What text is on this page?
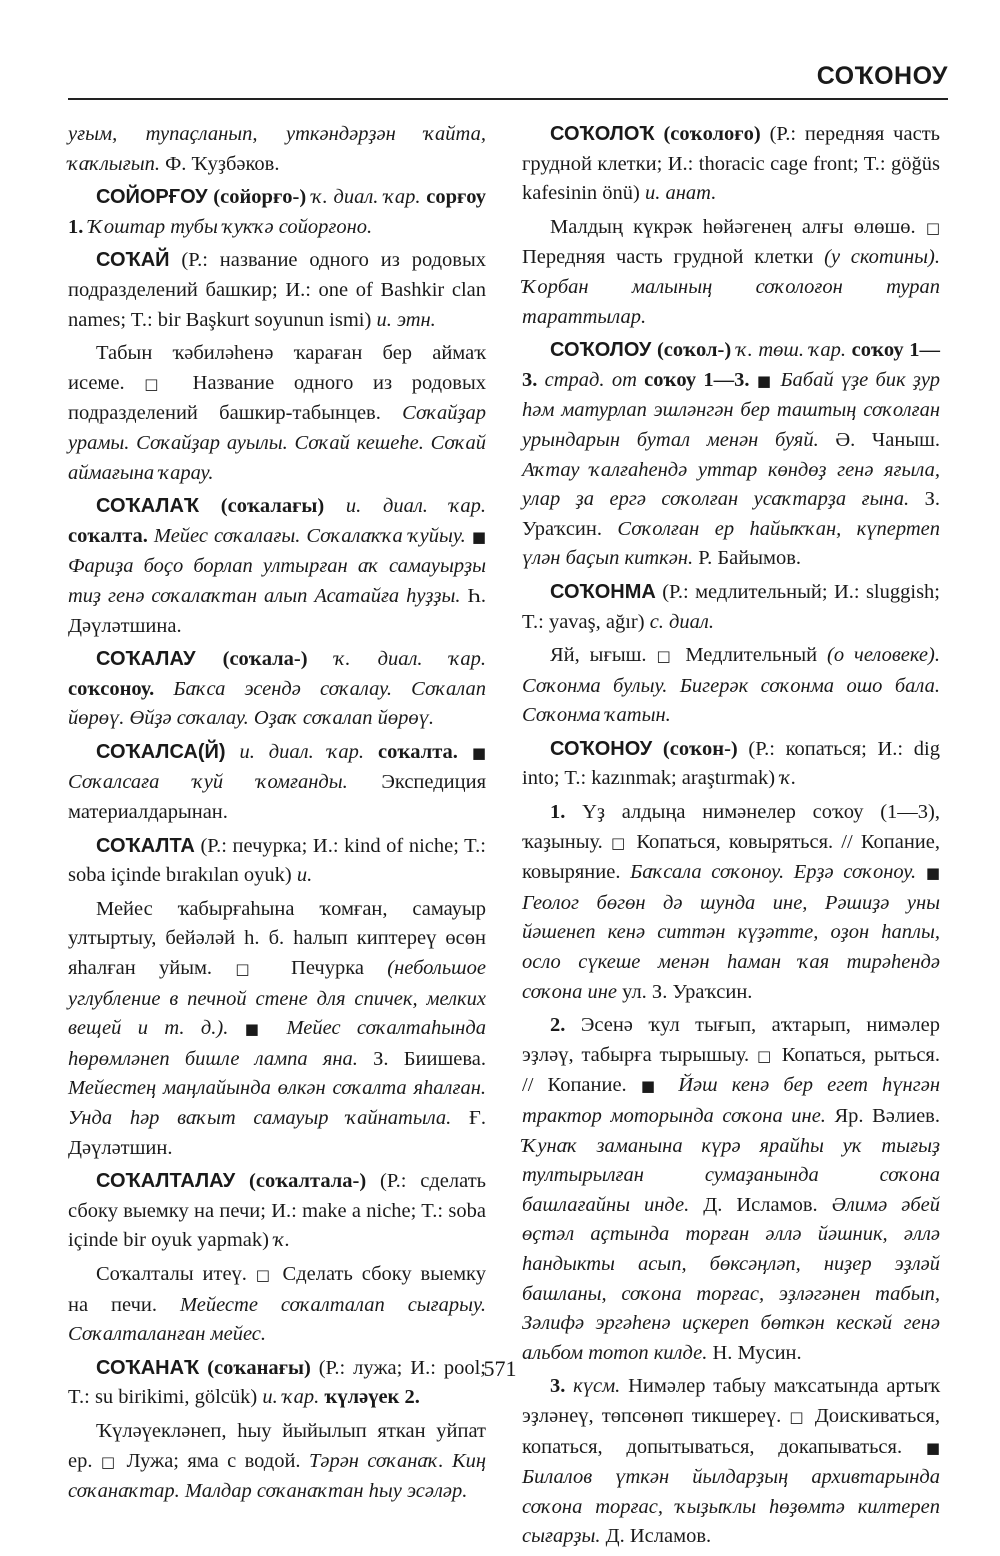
СОҠОНОУ

уғым, тупаҫланып, уткәндәрҙән ҡайта, ҡаҡлығып. Ф. Ҡуҙбәков.

СОЙОРҒОУ (сойорғо-) ҡ. диал. ҡар. сорғоу 1. Ҡоштар тубы ҡуҡҡә сойорғоно.

СОҠАЙ (Р.: название одного из родовых подразделений башкир; И.: one of Bashkir clan names; T.: bir Başkurt soyunun ismi) и. этн.

Табын ҡәбиләһенә ҡараған бер аймаҡ исеме. □ Название одного из родовых подразделений башкир-табынцев. Соҡайҙар урамы. Соҡайҙар ауылы. Соҡай кешеһе. Соҡай аймағына ҡарау.

СОҠАЛАҠ (соҡалағы) и. диал. ҡар. соҡалта. Мейес соҡалағы. Соҡалаҡҡа ҡуйыу. ■ Фариҙа боҫо борлап ултырған аҡ самауырҙы тиҙ генә соҡалаҡтан алып Асатайға һуҙҙы. Һ. Дәүләтшина.

СОҠАЛАУ (соҡала-) ҡ. диал. ҡар. соҡсоноу. Баҡса эсендә соҡалау. Соҡалап йөрөү. Өйҙә соҡалау. Оҙаҡ соҡалап йөрөү.

СОҠАЛСА(Й) и. диал. ҡар. соҡалта. ■ Соҡалсаға ҡуй ҡомғанды. Экспедиция материалдарынан.

СОҠАЛТА (Р.: печурка; И.: kind of niche; T.: soba içinde bırakılan oyuk) и.

Мейес ҡабырғаһына ҡомған, самауыр ултыртыу, бейәләй һ. б. һалып киптереү өсөн яһалған уйым. □ Печурка (небольшое углубление в печной стене для спичек, мелких вещей и т. д.). ■ Мейес соҡалтаһында һөрөмләнеп бишле лампа яна. З. Биишева. Мейестең маңлайында өлкән соҡалта яһалған. Унда һәр ваҡыт самауыр ҡайнатыла. Ғ. Дәүләтшин.

СОҠАЛТАЛАУ (соҡалтала-) (Р.: сделать сбоку выемку на печи; И.: make a niche; T.: soba içinde bir oyuk yapmak) ҡ.

Соҡалталы итеү. □ Сделать сбоку выемку на печи. Мейесте соҡалталап сығарыу. Соҡалталанған мейес.

СОҠАНАҠ (соҡанағы) (Р.: лужа; И.: pool; T.: su birikimi, gölcük) и. ҡар. ҡүләүек 2.

Ҡүләүекләнеп, һыу йыйылып яткан уйпат ер. □ Лужа; яма с водой. Тәрән соҡанаҡ. Киң соҡанаҡтар. Малдар соҡанаҡтан һыу эсәләр.

СОҠОЛОҠ (соҡолоғо) (Р.: передняя часть грудной клетки; И.: thoracic cage front; T.: göğüs kafesinin önü) и. анат.

Малдың күкрәк һөйәгенең алғы өлөшө. □ Передняя часть грудной клетки (у скотины). Ҡорбан малының соҡолоғон турап тараттылар.

СОҠОЛОУ (соҡол-) ҡ. төш. ҡар. соҡоу 1—3. страд. от соҡоу 1—3. ■ Бабай үҙе бик ҙур һәм матурлап эшләнгән бер таштың соҡолған урындарын бутал менән буяй. Ә. Чаныш. Аҡтау ҡалғаһендә уттар көндөҙ генә яғыла, улар ҙа ергә соҡолған усаҡтарҙа ғына. З. Ураҡсин. Соҡолған ер һайыҡҡан, күпертеп үлән баҫып киткән. Р. Байымов.

СОҠОНМА (Р.: медлительный; И.: sluggish; T.: yavaş, ağır) с. диал.

Яй, ығыш. □ Медлительный (о человеке). Соҡонма булыу. Бигерәк соҡонма ошо бала. Соҡонма ҡатын.

СОҠОНОУ (соҡон-) (Р.: копаться; И.: dig into; T.: kazınmak; araştırmak) ҡ.

1. Үҙ алдыңа нимәнелер соҡоу (1—3), ҡаҙыныу. □ Копаться, ковыряться. // Копание, ковыряние. Баҡсала соҡоноу. Ерҙә соҡоноу. ■ Геолог бөгөн дә шунда ине, Рәшиҙә уны йәшенеп кенә ситтән күҙәтте, оҙон һаплы, осло сүкеше менән һаман ҡая тирәһендә соҡона ине ул. З. Ураҡсин.

2. Эсенә ҡул тығып, аҡтарып, нимәлер эҙләү, табырға тырышыу. □ Копаться, рыться. // Копание. ■ Йәш кенә бер егет һүнгән трактор моторында соҡона ине. Яр. Вәлиев. Ҡунаҡ заманына күрә ярайһы уҡ тығыҙ тултырылған сумаҙанында соҡона башлағайны инде. Д. Исламов. Әлимә әбей өҫтәл аҫтында торған әллә йәшник, әллә һандыкты асып, бөксәңләп, ниҙер эҙләй башланы, соҡона торғас, эҙләгәнен табып, Зәлифә эргәһенә иҫкереп бөткән кескәй генә альбом тотоп килде. Н. Мусин.

3. күсм. Нимәлер табыу маҡсатында артыҡ эҙләнеү, төпсөнөп тикшереү. □ Доискиваться, копаться, допытываться, докапываться. ■ Билалов үткән йылдарҙың архивтарында соҡона торғас, ҡыҙыҡлы һөҙөмтә килтереп сығарҙы. Д. Исламов.

571
